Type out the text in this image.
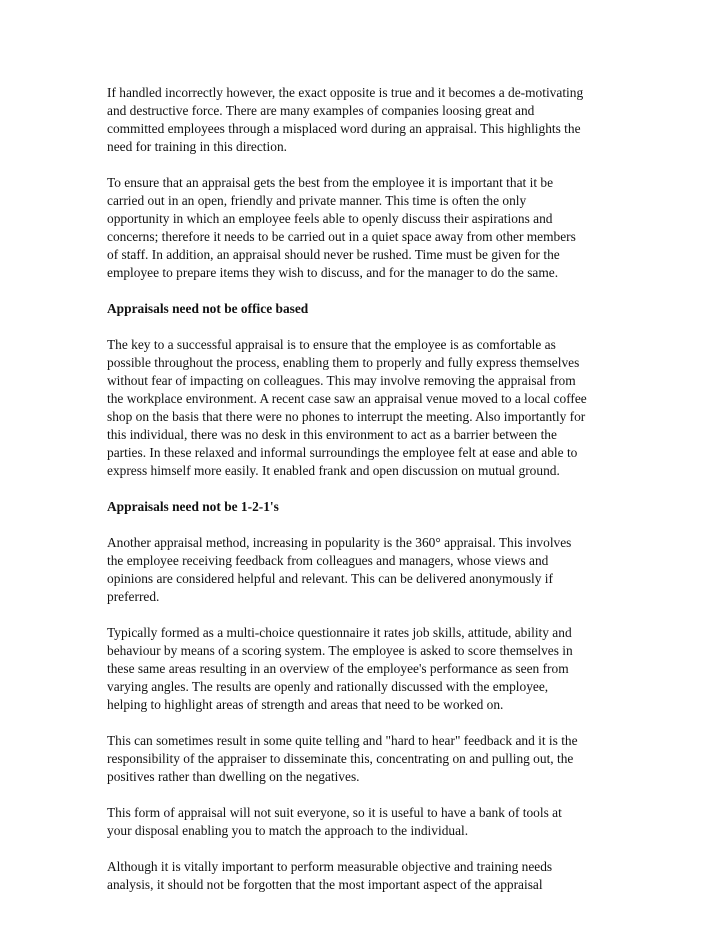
If handled incorrectly however, the exact opposite is true and it becomes a de-motivating
and destructive force. There are many examples of companies loosing great and
committed employees through a misplaced word during an appraisal. This highlights the
need for training in this direction.
To ensure that an appraisal gets the best from the employee it is important that it be
carried out in an open, friendly and private manner. This time is often the only
opportunity in which an employee feels able to openly discuss their aspirations and
concerns; therefore it needs to be carried out in a quiet space away from other members
of staff. In addition, an appraisal should never be rushed. Time must be given for the
employee to prepare items they wish to discuss, and for the manager to do the same.
Appraisals need not be office based
The key to a successful appraisal is to ensure that the employee is as comfortable as
possible throughout the process, enabling them to properly and fully express themselves
without fear of impacting on colleagues. This may involve removing the appraisal from
the workplace environment. A recent case saw an appraisal venue moved to a local coffee
shop on the basis that there were no phones to interrupt the meeting. Also importantly for
this individual, there was no desk in this environment to act as a barrier between the
parties. In these relaxed and informal surroundings the employee felt at ease and able to
express himself more easily. It enabled frank and open discussion on mutual ground.
Appraisals need not be 1-2-1's
Another appraisal method, increasing in popularity is the 360° appraisal. This involves
the employee receiving feedback from colleagues and managers, whose views and
opinions are considered helpful and relevant. This can be delivered anonymously if
preferred.
Typically formed as a multi-choice questionnaire it rates job skills, attitude, ability and
behaviour by means of a scoring system. The employee is asked to score themselves in
these same areas resulting in an overview of the employee's performance as seen from
varying angles. The results are openly and rationally discussed with the employee,
helping to highlight areas of strength and areas that need to be worked on.
This can sometimes result in some quite telling and "hard to hear" feedback and it is the
responsibility of the appraiser to disseminate this, concentrating on and pulling out, the
positives rather than dwelling on the negatives.
This form of appraisal will not suit everyone, so it is useful to have a bank of tools at
your disposal enabling you to match the approach to the individual.
Although it is vitally important to perform measurable objective and training needs
analysis, it should not be forgotten that the most important aspect of the appraisal
